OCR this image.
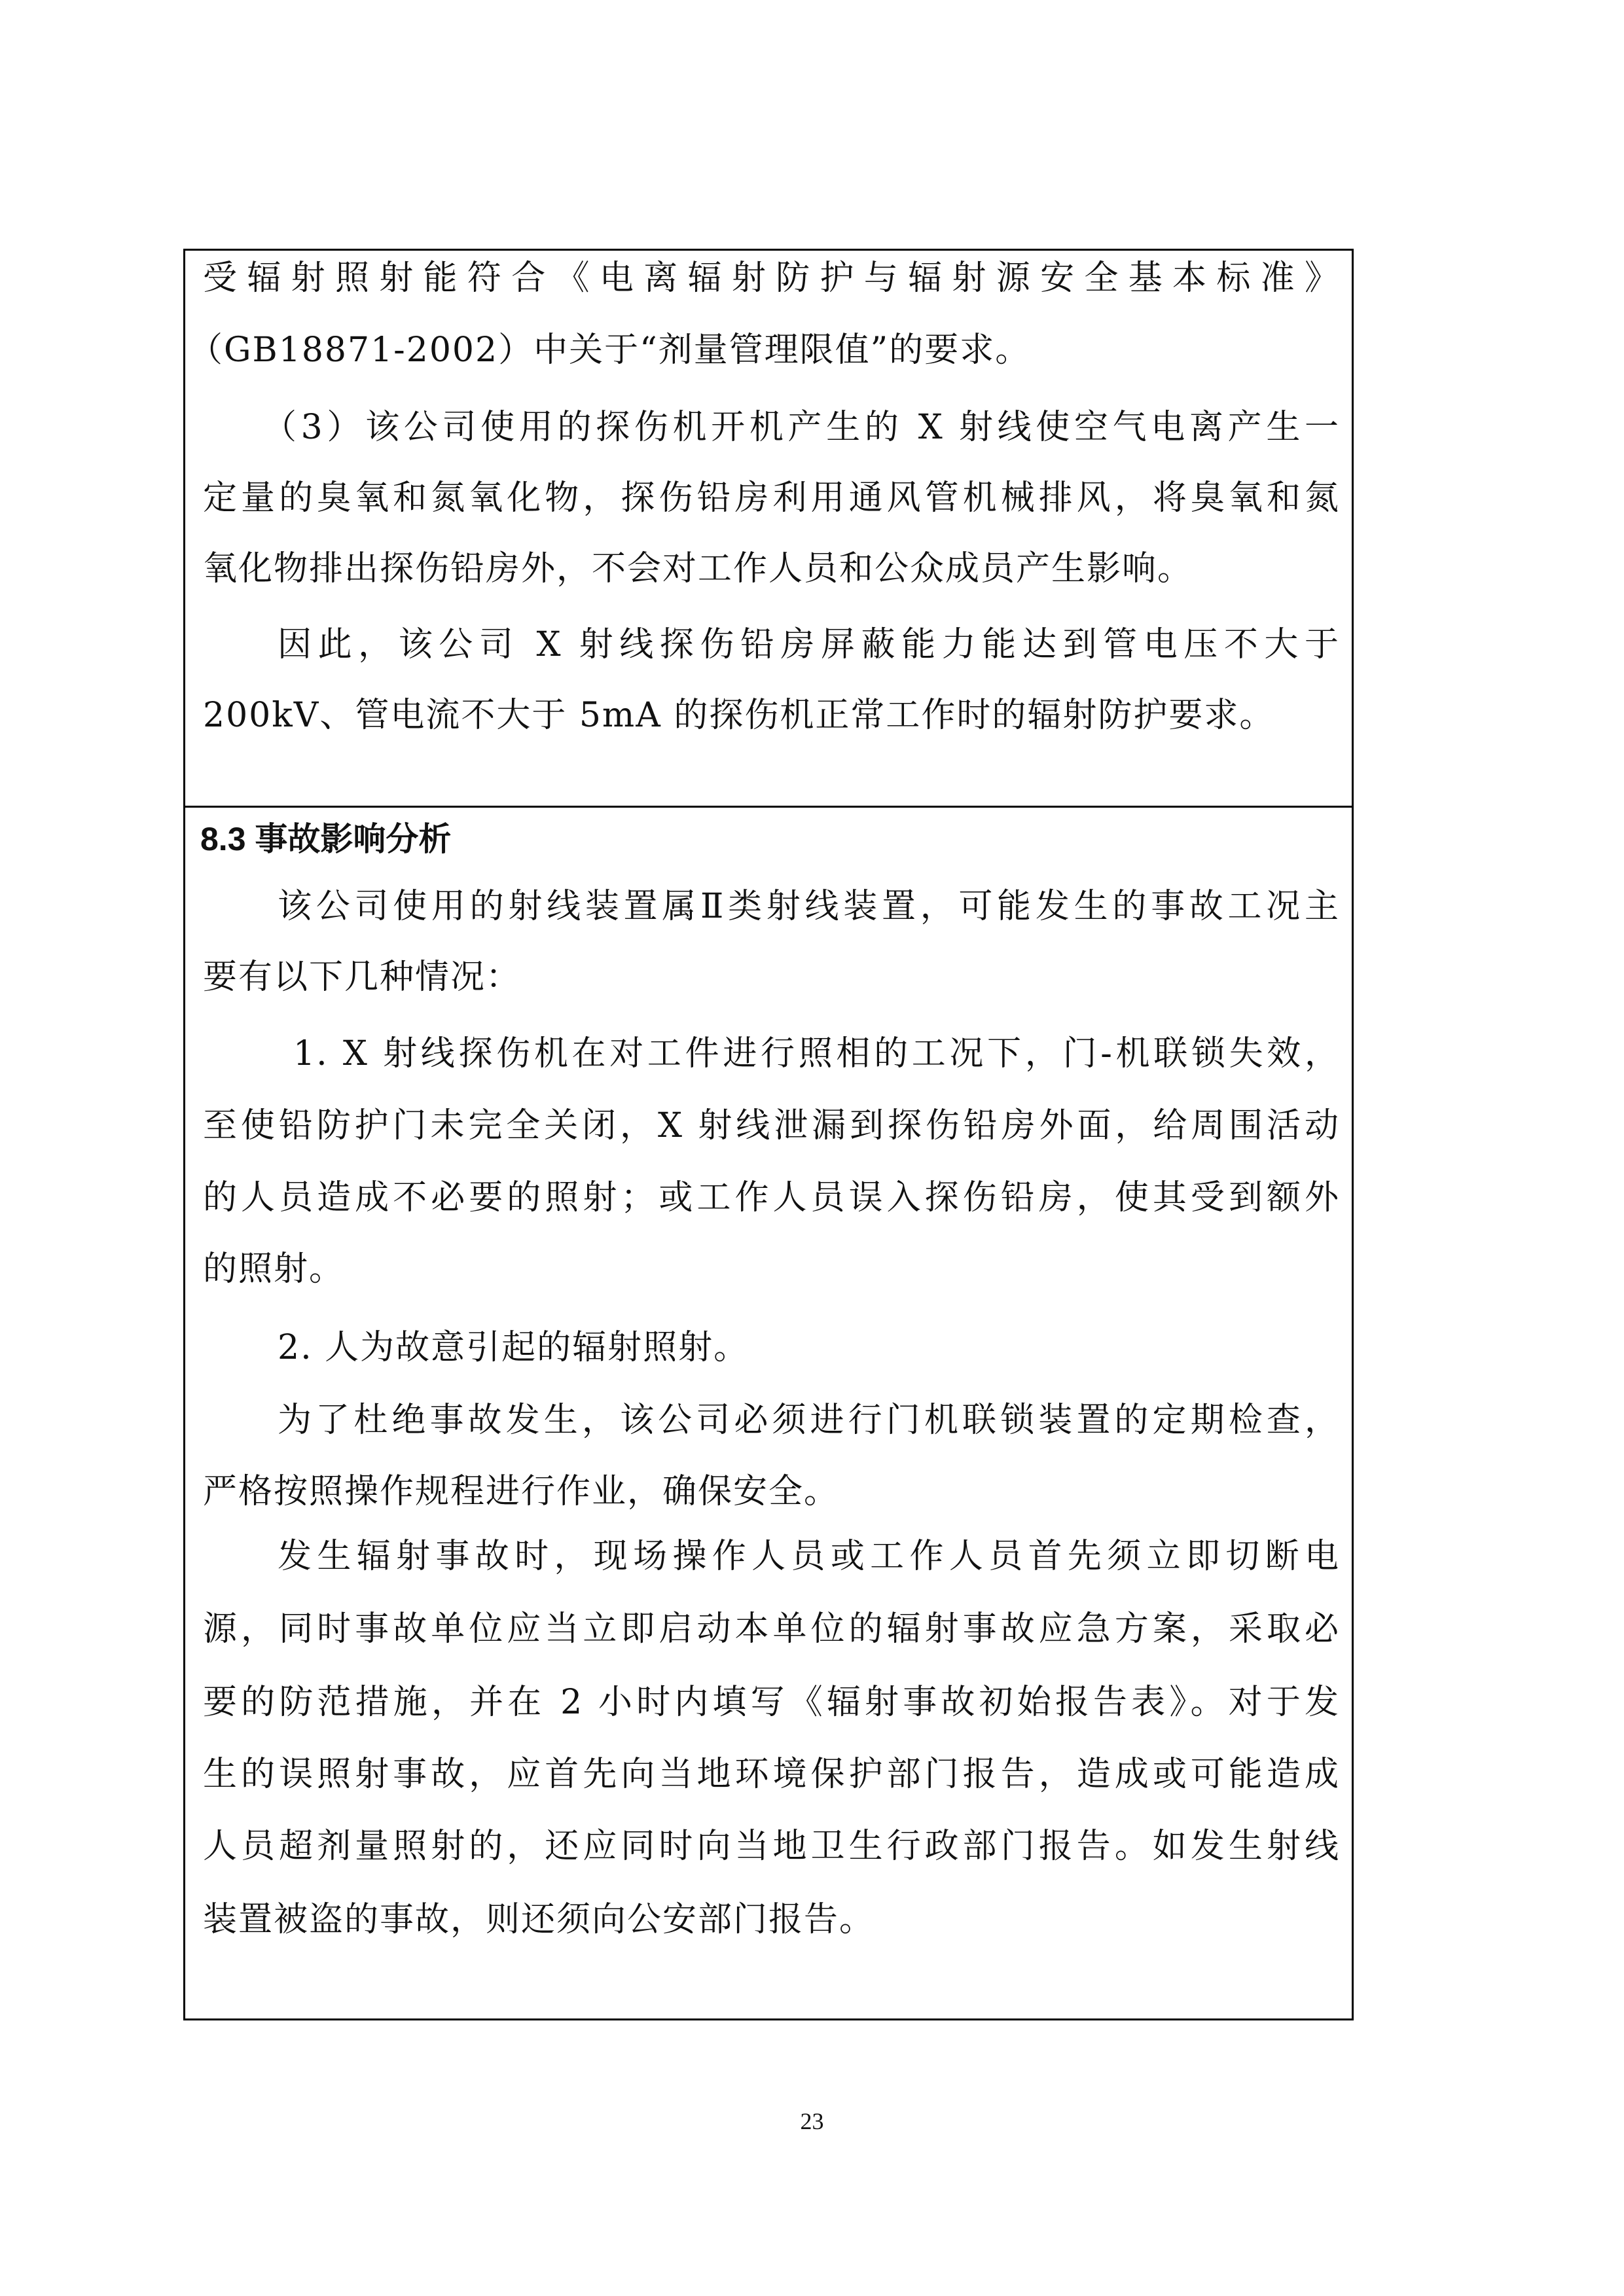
受辐射照射能符合《电离辐射防护与辐射源安全基本标准》
（GB18871-2002）中关于“剂量管理限值”的要求。
（3）该公司使用的探伤机开机产生的 X 射线使空气电离产生一
定量的臭氧和氮氧化物，探伤铅房利用通风管机械排风，将臭氧和氮
氧化物排出探伤铅房外，不会对工作人员和公众成员产生影响。
因此，该公司 X 射线探伤铅房屏蔽能力能达到管电压不大于
200kV、管电流不大于 5mA 的探伤机正常工作时的辐射防护要求。
8.3 事故影响分析
该公司使用的射线装置属Ⅱ类射线装置，可能发生的事故工况主
要有以下几种情况：
1. X 射线探伤机在对工件进行照相的工况下，门-机联锁失效，
至使铅防护门未完全关闭，X 射线泄漏到探伤铅房外面，给周围活动
的人员造成不必要的照射；或工作人员误入探伤铅房，使其受到额外
的照射。
2. 人为故意引起的辐射照射。
为了杜绝事故发生，该公司必须进行门机联锁装置的定期检查，
严格按照操作规程进行作业，确保安全。
发生辐射事故时，现场操作人员或工作人员首先须立即切断电
源，同时事故单位应当立即启动本单位的辐射事故应急方案，采取必
要的防范措施，并在 2 小时内填写《辐射事故初始报告表》。对于发
生的误照射事故，应首先向当地环境保护部门报告，造成或可能造成
人员超剂量照射的，还应同时向当地卫生行政部门报告。如发生射线
装置被盗的事故，则还须向公安部门报告。
23
